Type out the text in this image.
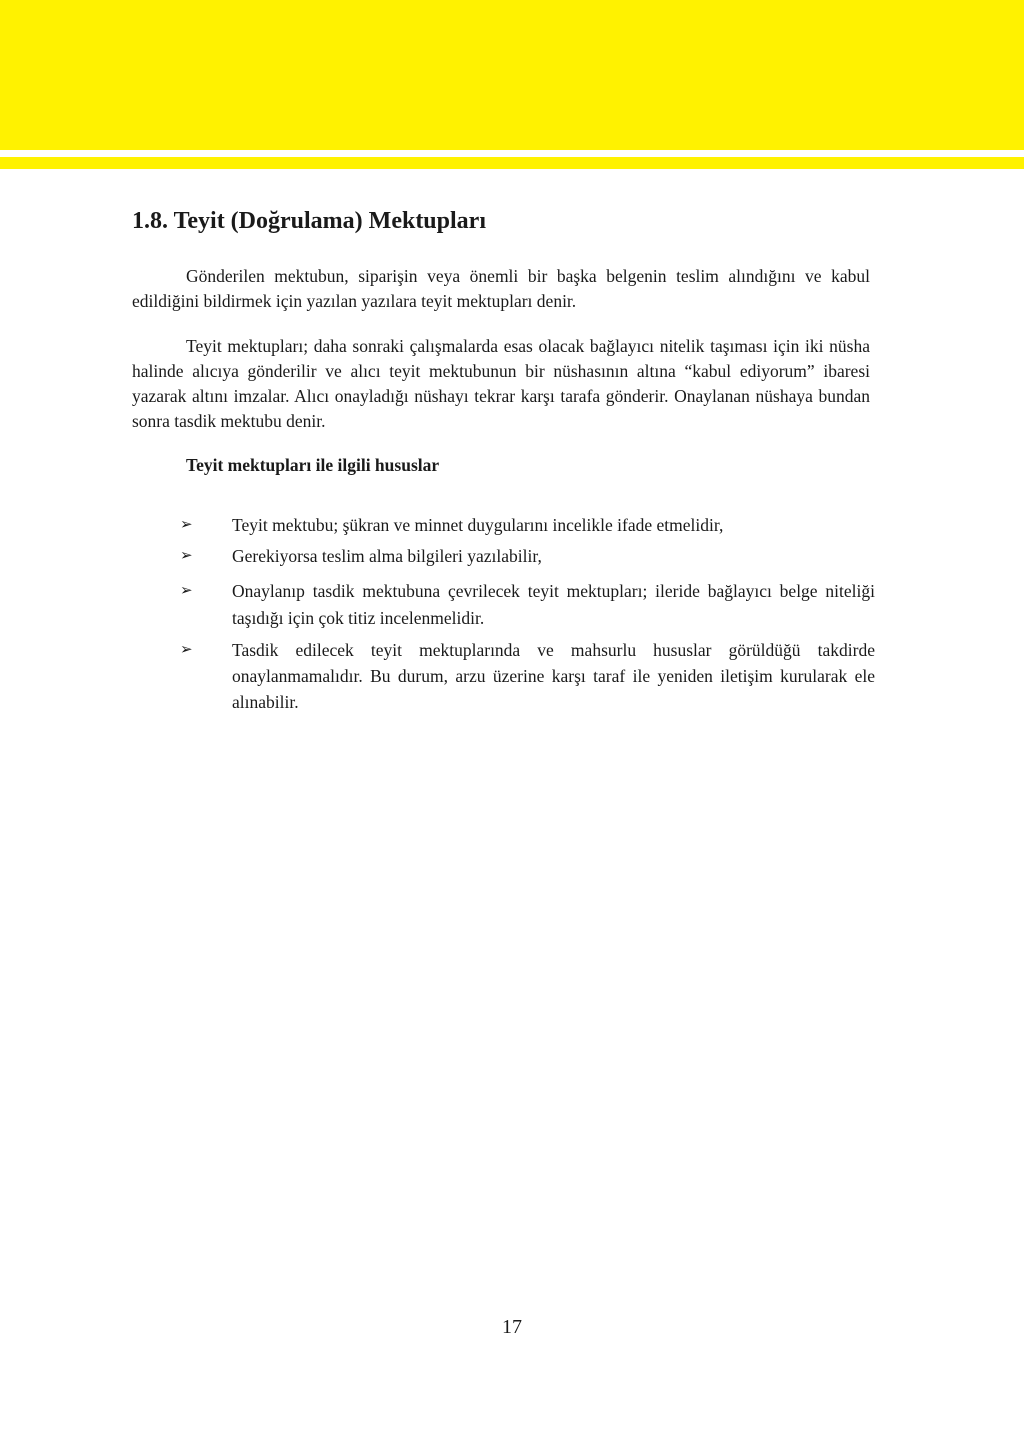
1.8. Teyit (Doğrulama) Mektupları

Gönderilen mektubun, siparişin veya önemli bir başka belgenin teslim alındığını ve kabul edildiğini bildirmek için yazılan yazılara teyit mektupları denir.

Teyit mektupları; daha sonraki çalışmalarda esas olacak bağlayıcı nitelik taşıması için iki nüsha halinde alıcıya gönderilir ve alıcı teyit mektubunun bir nüshasının altına “kabul ediyorum” ibaresi yazarak altını imzalar. Alıcı onayladığı nüshayı tekrar karşı tarafa gönderir. Onaylanan nüshaya bundan sonra tasdik mektubu denir.

Teyit mektupları ile ilgili hususlar
➢ Teyit mektubu; şükran ve minnet duygularını incelikle ifade etmelidir,
➢ Gerekiyorsa teslim alma bilgileri yazılabilir,
➢ Onaylanıp tasdik mektubuna çevrilecek teyit mektupları; ileride bağlayıcı belge niteliği taşıdığı için çok titiz incelenmelidir.
➢ Tasdik edilecek teyit mektuplarında ve mahsurlu hususlar görüldüğü takdirde onaylanmamalıdır. Bu durum, arzu üzerine karşı taraf ile yeniden iletişim kurularak ele alınabilir.

17
